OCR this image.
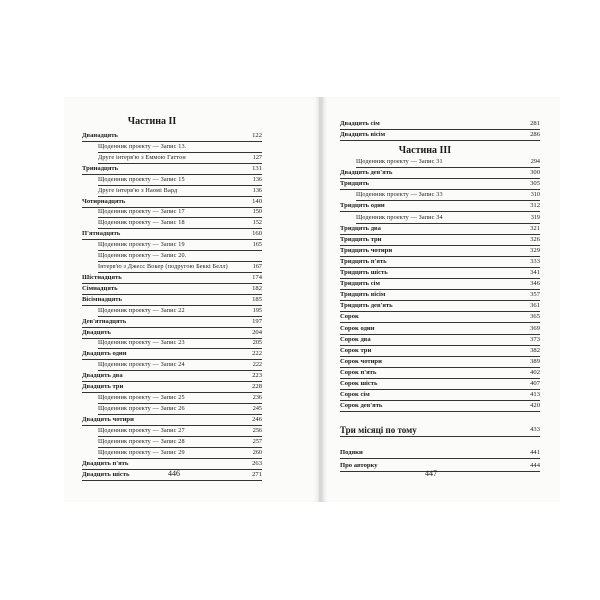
Частина II
Частина III
Дванадцять	122
Щоденник проекту — Запис 13.
Друге інтерв'ю з Еммою Гаттон	127
Тринадцять	131
Щоденник проекту — Запис 15	136
Друге інтерв'ю з Наомі Вард	136
Чотирнадцять	140
Щоденник проекту — Запис 17	150
Щоденник проекту — Запис 18	152
П'ятнадцять	160
Щоденник проекту — Запис 19	165
Щоденник проекту — Запис 20.
Інтерв'ю з Джесс Вокер (подругою Беккі Белл)	167
Шістнадцять	174
Сімнадцять	182
Вісімнадцять	185
Щоденник проекту — Запис 22	195
Дев'ятнадцять	197
Двадцять	204
Щоденник проекту — Запис 23	205
Двадцять один	222
Щоденник проекту — Запис 24	222
Двадцять два	223
Двадцять три	228
Щоденник проекту — Запис 25	236
Щоденник проекту — Запис 26	245
Двадцять чотири	246
Щоденник проекту — Запис 27	256
Щоденник проекту — Запис 28	257
Щоденник проекту — Запис 29	260
Двадцять п'ять	263
Двадцять шість	271
Двадцять сім	281
Двадцять вісім	286
Щоденник проекту — Запис 31	294
Двадцять дев'ять	300
Тридцять	305
Щоденник проекту — Запис 33	310
Тридцять один	312
Щоденник проекту — Запис 34	319
Тридцять два	321
Тридцять три	326
Тридцять чотири	329
Тридцять п'ять	333
Тридцять шість	341
Тридцять сім	346
Тридцять вісім	357
Тридцять дев'ять	361
Сорок	365
Сорок один	369
Сорок два	373
Сорок три	382
Сорок чотири	389
Сорок п'ять	402
Сорок шість	407
Сорок сім	413
Сорок дев'ять	420
Три місяці по тому	433
Подяки	441
Про авторку	444
446	447
